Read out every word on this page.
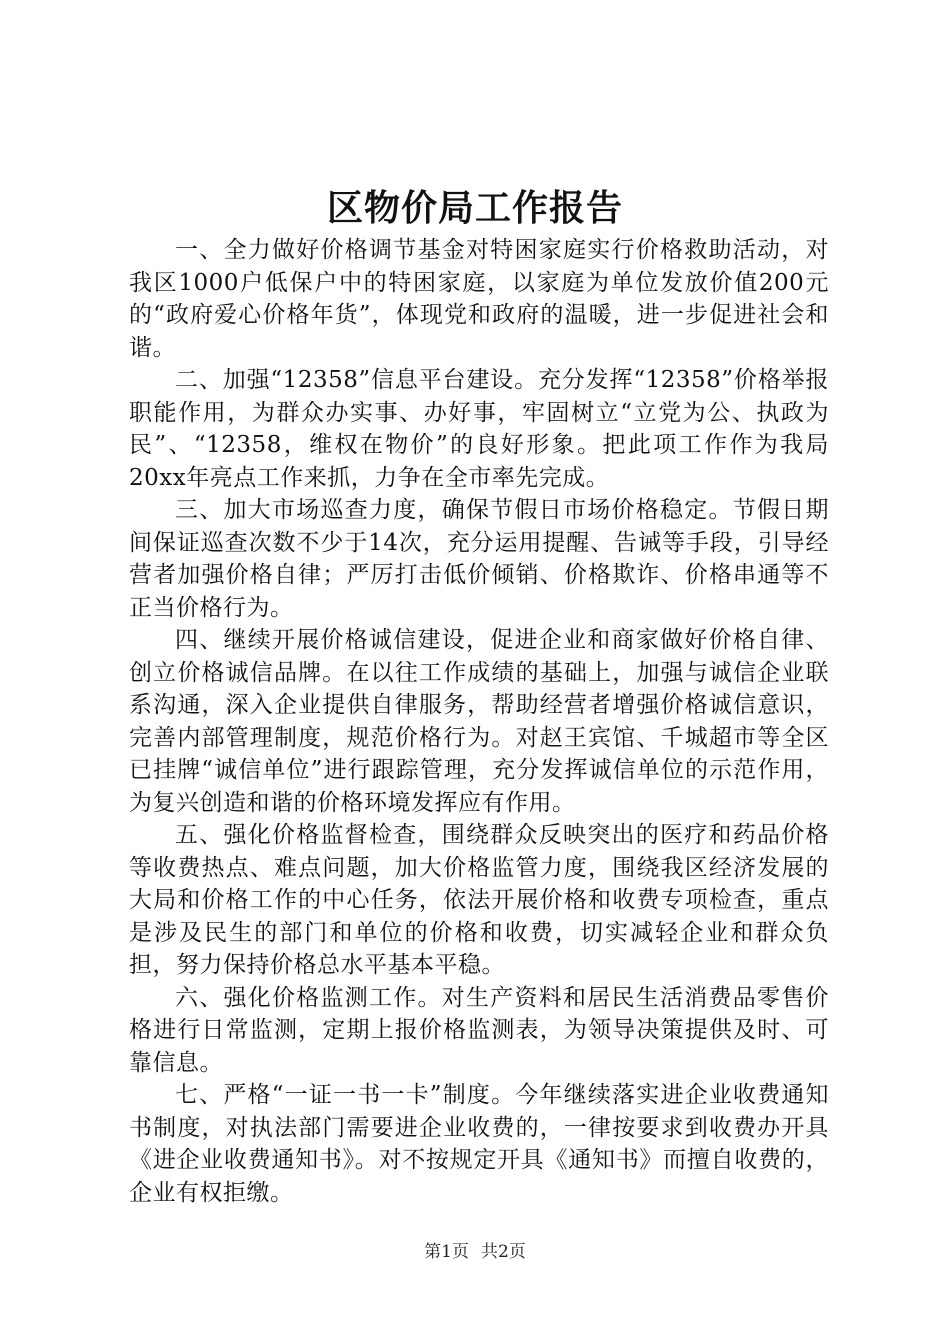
区物价局工作报告

一、全力做好价格调节基金对特困家庭实行价格救助活动，对我区1000户低保户中的特困家庭，以家庭为单位发放价值200元的“政府爱心价格年货”，体现党和政府的温暖，进一步促进社会和谐。

二、加强“12358”信息平台建设。充分发挥“12358”价格举报职能作用，为群众办实事、办好事，牢固树立“立党为公、执政为民”、“12358，维权在物价”的良好形象。把此项工作作为我局20xx年亮点工作来抓，力争在全市率先完成。

三、加大市场巡查力度，确保节假日市场价格稳定。节假日期间保证巡查次数不少于14次，充分运用提醒、告诫等手段，引导经营者加强价格自律；严厉打击低价倾销、价格欺诈、价格串通等不正当价格行为。

四、继续开展价格诚信建设，促进企业和商家做好价格自律、创立价格诚信品牌。在以往工作成绩的基础上，加强与诚信企业联系沟通，深入企业提供自律服务，帮助经营者增强价格诚信意识，完善内部管理制度，规范价格行为。对赵王宾馆、千城超市等全区已挂牌“诚信单位”进行跟踪管理，充分发挥诚信单位的示范作用，为复兴创造和谐的价格环境发挥应有作用。

五、强化价格监督检查，围绕群众反映突出的医疗和药品价格等收费热点、难点问题，加大价格监管力度，围绕我区经济发展的大局和价格工作的中心任务，依法开展价格和收费专项检查，重点是涉及民生的部门和单位的价格和收费，切实减轻企业和群众负担，努力保持价格总水平基本平稳。

六、强化价格监测工作。对生产资料和居民生活消费品零售价格进行日常监测，定期上报价格监测表，为领导决策提供及时、可靠信息。

七、严格“一证一书一卡”制度。今年继续落实进企业收费通知书制度，对执法部门需要进企业收费的，一律按要求到收费办开具《进企业收费通知书》。对不按规定开具《通知书》而擅自收费的，企业有权拒缴。

第1页 共2页
